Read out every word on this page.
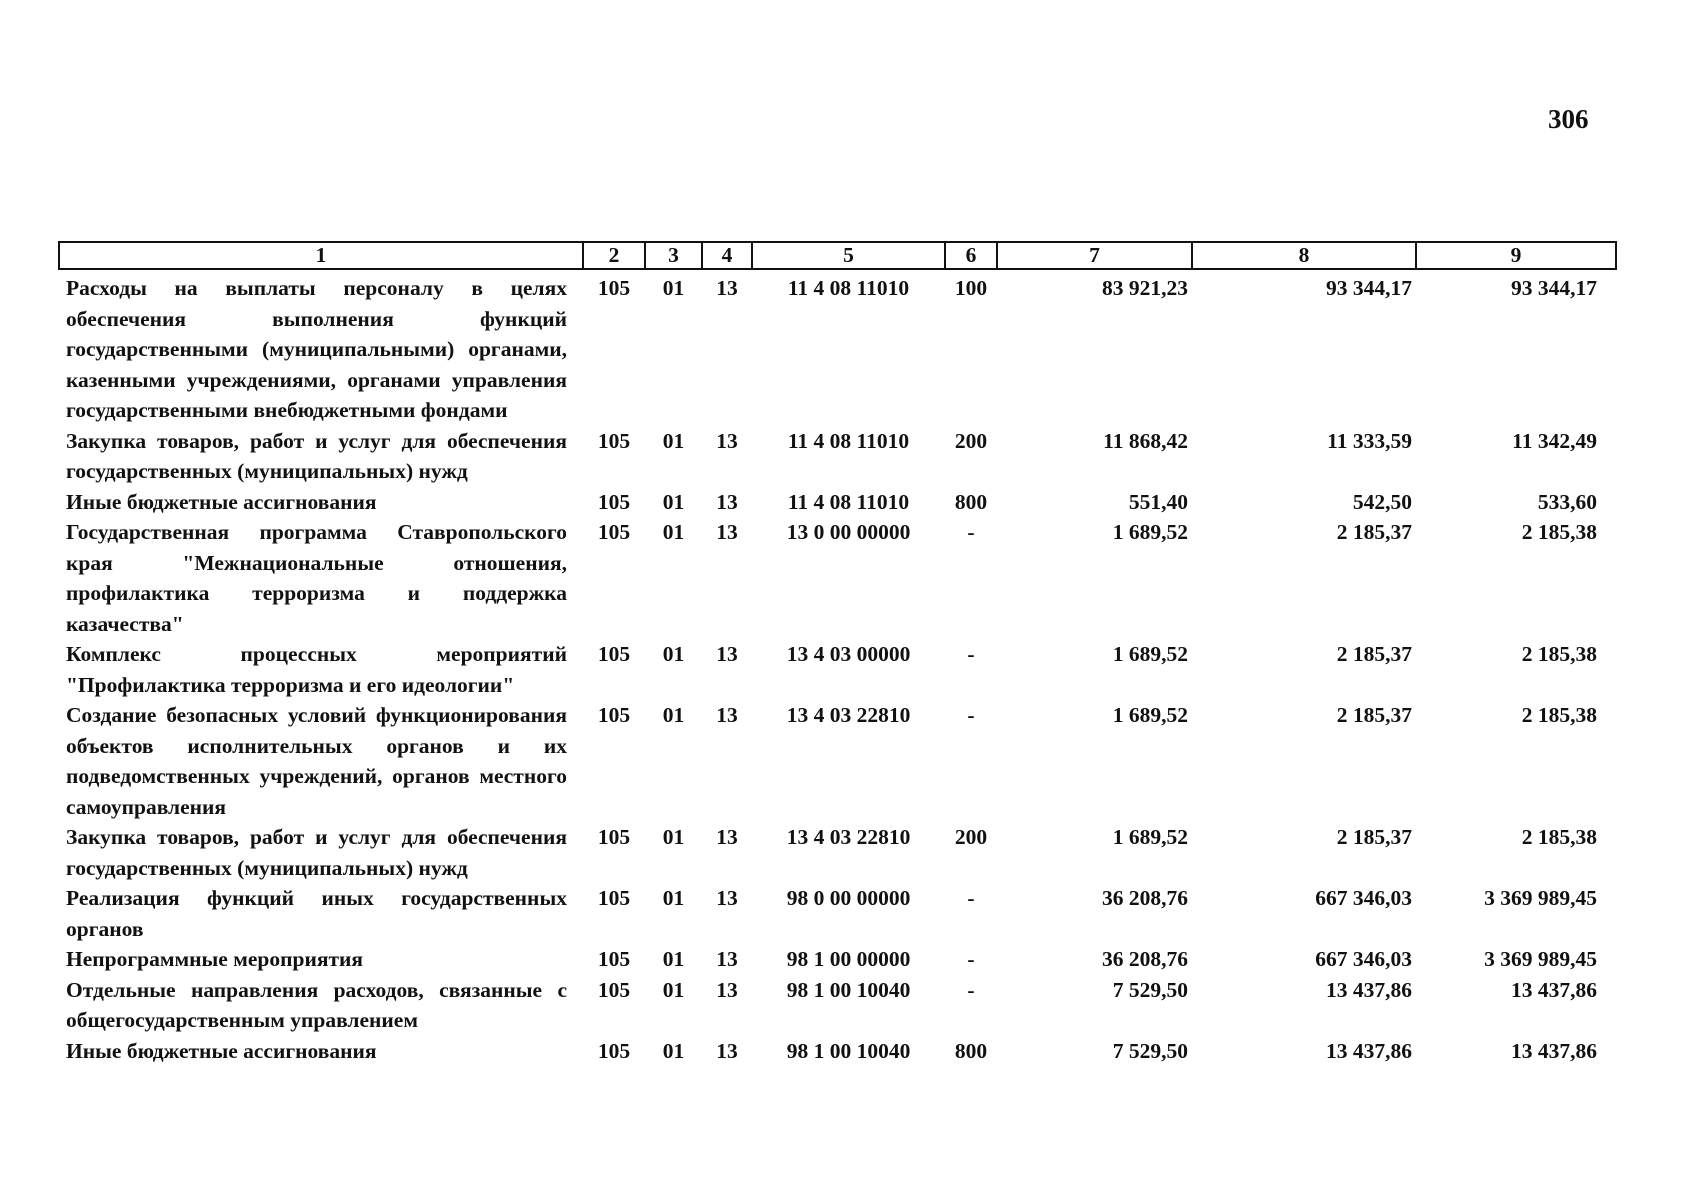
306
1	2	3	4	5	6	7	8	9
Расходы на выплаты персоналу в целях обеспечения выполнения функций государственными (муниципальными) органами, казенными учреждениями, органами управления государственными внебюджетными фондами	105	01	13	11 4 08 11010	100	83 921,23	93 344,17	93 344,17
Закупка товаров, работ и услуг для обеспечения государственных (муниципальных) нужд	105	01	13	11 4 08 11010	200	11 868,42	11 333,59	11 342,49
Иные бюджетные ассигнования	105	01	13	11 4 08 11010	800	551,40	542,50	533,60
Государственная программа Ставропольского края "Межнациональные отношения, профилактика терроризма и поддержка казачества"	105	01	13	13 0 00 00000	-	1 689,52	2 185,37	2 185,38
Комплекс процессных мероприятий "Профилактика терроризма и его идеологии"	105	01	13	13 4 03 00000	-	1 689,52	2 185,37	2 185,38
Создание безопасных условий функционирования объектов исполнительных органов и их подведомственных учреждений, органов местного самоуправления	105	01	13	13 4 03 22810	-	1 689,52	2 185,37	2 185,38
Закупка товаров, работ и услуг для обеспечения государственных (муниципальных) нужд	105	01	13	13 4 03 22810	200	1 689,52	2 185,37	2 185,38
Реализация функций иных государственных органов	105	01	13	98 0 00 00000	-	36 208,76	667 346,03	3 369 989,45
Непрограммные мероприятия	105	01	13	98 1 00 00000	-	36 208,76	667 346,03	3 369 989,45
Отдельные направления расходов, связанные с общегосударственным управлением	105	01	13	98 1 00 10040	-	7 529,50	13 437,86	13 437,86
Иные бюджетные ассигнования	105	01	13	98 1 00 10040	800	7 529,50	13 437,86	13 437,86
